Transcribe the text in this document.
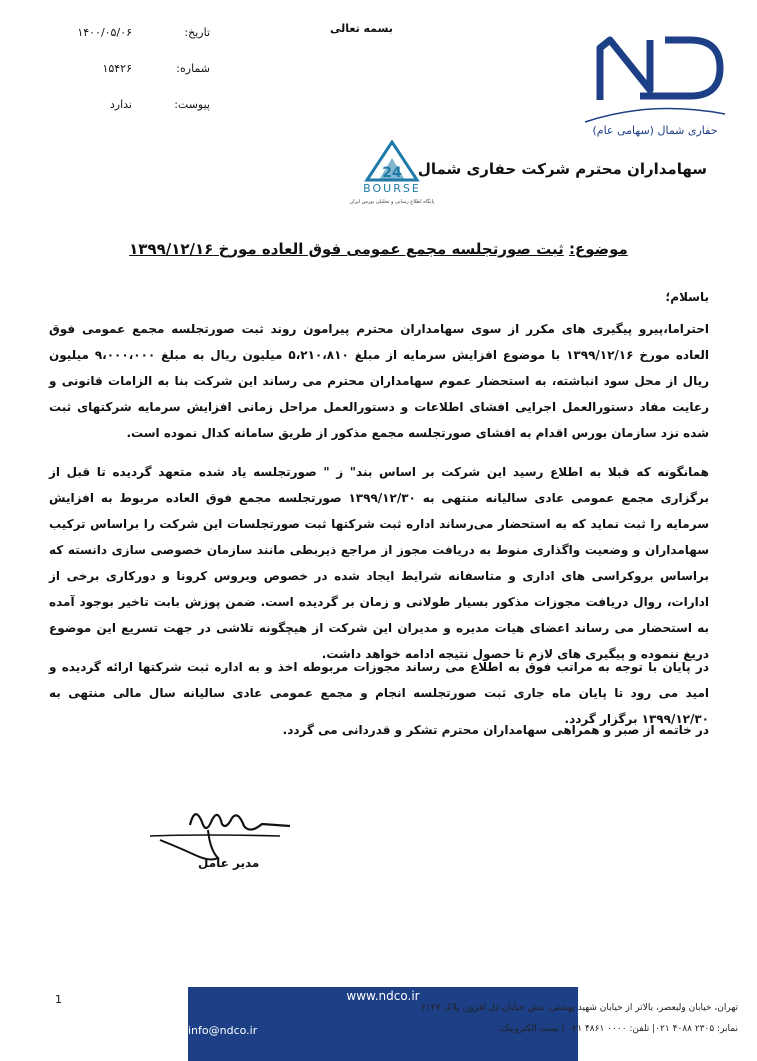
بسمه تعالی
تاریخ:
۱۴۰۰/۰۵/۰۶
شماره:
۱۵۴۲۶
پیوست:
ندارد
حفاری شمال (سهامی عام)
24
BOURSE
پایگاه اطلاع رسانی و تحلیلی بورس ایران
سهامداران محترم شرکت حفاری شمال
موضوع: ثبت صورتجلسه مجمع عمومی فوق العاده مورخ ۱۳۹۹/۱۲/۱۶
باسلام؛
احتراما،پیرو پیگیری های مکرر از سوی سهامداران محترم پیرامون روند ثبت صورتجلسه مجمع عمومی فوق العاده مورخ ۱۳۹۹/۱۲/۱۶ با موضوع افزایش سرمایه از مبلغ ۵،۲۱۰،۸۱۰ میلیون ریال به مبلغ ۹،۰۰۰،۰۰۰ میلیون ریال از محل سود انباشته، به استحضار عموم سهامداران محترم می رساند این شرکت بنا به الزامات قانونی و رعایت مفاد دستورالعمل اجرایی افشای اطلاعات و دستورالعمل مراحل زمانی افزایش سرمایه شرکتهای ثبت شده نزد سازمان بورس اقدام به افشای صورتجلسه مجمع مذکور از طریق سامانه کدال نموده است.
همانگونه که قبلا به اطلاع رسید این شرکت بر اساس بند" ز " صورتجلسه یاد شده متعهد گردیده تا قبل از برگزاری مجمع عمومی عادی سالیانه منتهی به ۱۳۹۹/۱۲/۳۰ صورتجلسه مجمع فوق العاده مربوط به افزایش سرمایه را ثبت نماید که به استحضار می‌رساند اداره ثبت شرکتها ثبت صورتجلسات این شرکت را براساس ترکیب سهامداران و وضعیت واگذاری منوط به دریافت مجوز از مراجع ذیربطی مانند سازمان خصوصی سازی دانسته که براساس بروکراسی های اداری و متاسفانه شرایط ایجاد شده در خصوص ویروس کرونا و دورکاری برخی از ادارات، روال دریافت مجوزات مذکور بسیار طولانی و زمان بر گردیده است. ضمن پوزش بابت تاخیر بوجود آمده به استحضار می رساند اعضای هیات مدیره و مدیران این شرکت از هیچگونه تلاشی در جهت تسریع این موضوع دریغ ننموده و پیگیری های لازم تا حصول نتیجه ادامه خواهد داشت.
در پایان با توجه به مراتب فوق به اطلاع می رساند مجوزات مربوطه اخذ و به اداره ثبت شرکتها ارائه گردیده و امید می رود تا پایان ماه جاری ثبت صورتجلسه انجام و مجمع عمومی عادی سالیانه سال مالی منتهی به ۱۳۹۹/۱۲/۳۰ برگزار گردد.
در خاتمه از صبر و همراهی سهامداران محترم تشکر و قدردانی می گردد.
مدیر عامل
1	www.ndco.ir
تهران، خیابان ولیعصر، بالاتر از خیابان شهید بهشتی، نبش خیابان دل افروز، پلاک ۲۱۲۷
info@ndco.ir	نمابر: ۲۳۰۵ ۴۰۸۸ ۰۲۱| تلفن: ۰۰۰۰ ۴۸۶۱ ۰۲۱ | پست الکترونیک:
